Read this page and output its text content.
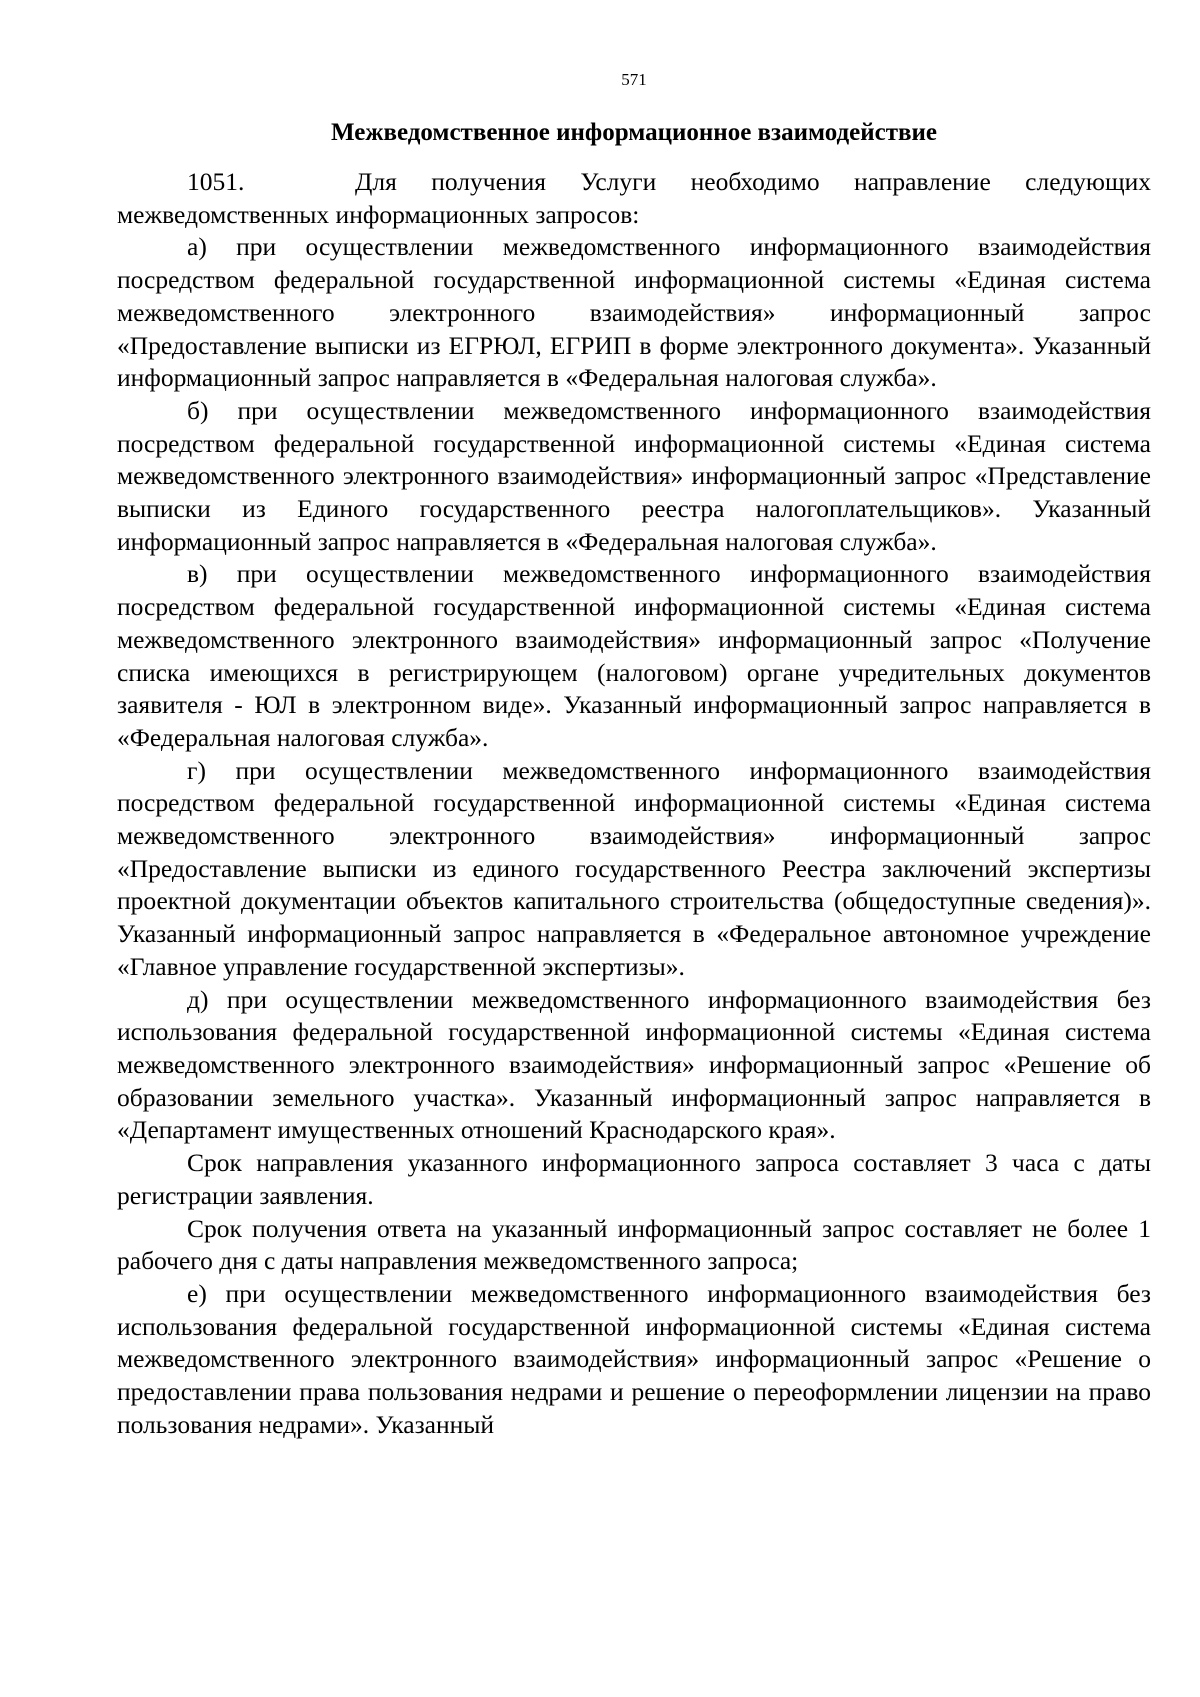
571
Межведомственное информационное взаимодействие

1051.	Для получения Услуги необходимо направление следующих межведомственных информационных запросов:

а) при осуществлении межведомственного информационного взаимодействия посредством федеральной государственной информационной системы «Единая система межведомственного электронного взаимодействия» информационный запрос «Предоставление выписки из ЕГРЮЛ, ЕГРИП в форме электронного документа». Указанный информационный запрос направляется в «Федеральная налоговая служба».

б) при осуществлении межведомственного информационного взаимодействия посредством федеральной государственной информационной системы «Единая система межведомственного электронного взаимодействия» информационный запрос «Представление выписки из Единого государственного реестра налогоплательщиков». Указанный информационный запрос направляется в «Федеральная налоговая служба».

в) при осуществлении межведомственного информационного взаимодействия посредством федеральной государственной информационной системы «Единая система межведомственного электронного взаимодействия» информационный запрос «Получение списка имеющихся в регистрирующем (налоговом) органе учредительных документов заявителя - ЮЛ в электронном виде». Указанный информационный запрос направляется в «Федеральная налоговая служба».

г) при осуществлении межведомственного информационного взаимодействия посредством федеральной государственной информационной системы «Единая система межведомственного электронного взаимодействия» информационный запрос «Предоставление выписки из единого государственного Реестра заключений экспертизы проектной документации объектов капитального строительства (общедоступные сведения)». Указанный информационный запрос направляется в «Федеральное автономное учреждение «Главное управление государственной экспертизы».

д) при осуществлении межведомственного информационного взаимодействия без использования федеральной государственной информационной системы «Единая система межведомственного электронного взаимодействия» информационный запрос «Решение об образовании земельного участка». Указанный информационный запрос направляется в «Департамент имущественных отношений Краснодарского края».

Срок направления указанного информационного запроса составляет 3 часа с даты регистрации заявления.

Срок получения ответа на указанный информационный запрос составляет не более 1 рабочего дня с даты направления межведомственного запроса;

е) при осуществлении межведомственного информационного взаимодействия без использования федеральной государственной информационной системы «Единая система межведомственного электронного взаимодействия» информационный запрос «Решение о предоставлении права пользования недрами и решение о переоформлении лицензии на право пользования недрами». Указанный
